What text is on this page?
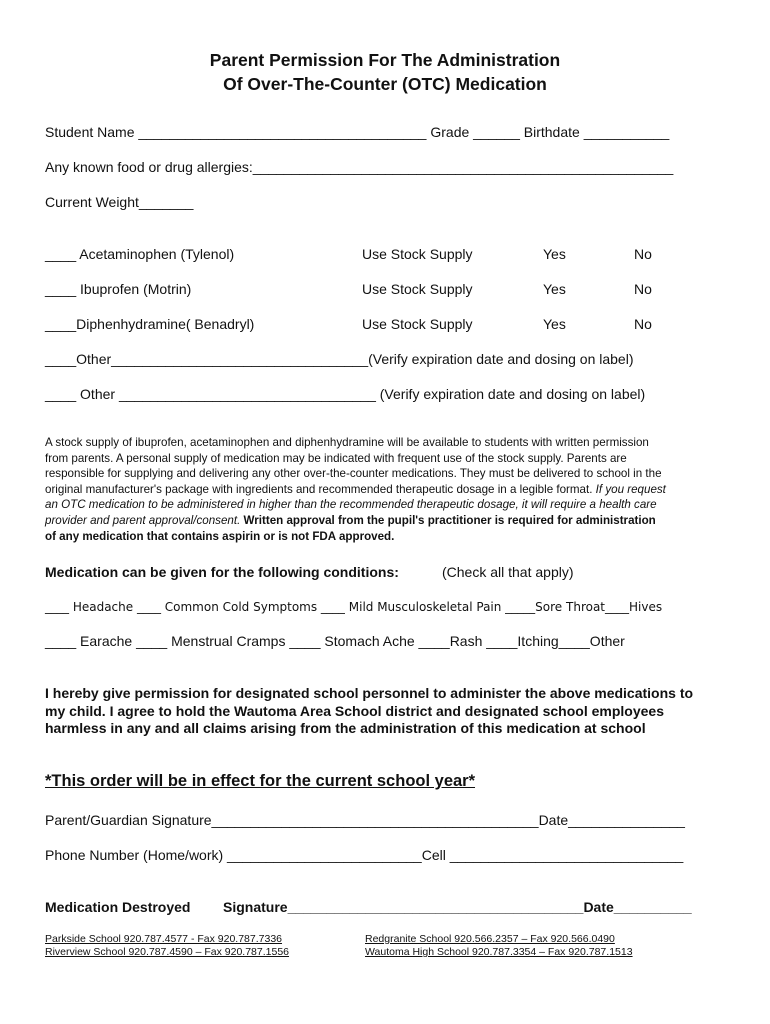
Parent Permission For The Administration
Of Over-The-Counter (OTC) Medication
Student Name _____________________________________ Grade ______ Birthdate ___________
Any known food or drug allergies:______________________________________________________
Current Weight_______
____ Acetaminophen (Tylenol)	Use Stock Supply	Yes	No
____ Ibuprofen (Motrin)	Use Stock Supply	Yes	No
____Diphenhydramine( Benadryl)	Use Stock Supply	Yes	No
____Other_________________________________(Verify expiration date and dosing on label)
____ Other _________________________________ (Verify expiration date and dosing on label)
A stock supply of ibuprofen, acetaminophen and diphenhydramine will be available to students with written permission
from parents. A personal supply of medication may be indicated with frequent use of the stock supply. Parents are
responsible for supplying and delivering any other over-the-counter medications. They must be delivered to school in the
original manufacturer's package with ingredients and recommended therapeutic dosage in a legible format. If you request
an OTC medication to be administered in higher than the recommended therapeutic dosage, it will require a health care
provider and parent approval/consent. Written approval from the pupil's practitioner is required for administration
of any medication that contains aspirin or is not FDA approved.
Medication can be given for the following conditions:	(Check all that apply)
____ Headache ____ Common Cold Symptoms ____ Mild Musculoskeletal Pain _____Sore Throat____Hives
____ Earache ____ Menstrual Cramps ____ Stomach Ache ____Rash ____Itching____Other
I hereby give permission for designated school personnel to administer the above medications to
my child. I agree to hold the Wautoma Area School district and designated school employees
harmless in any and all claims arising from the administration of this medication at school
*This order will be in effect for the current school year*
Parent/Guardian Signature__________________________________________Date_______________
Phone Number (Home/work) _________________________Cell ______________________________
Medication Destroyed Signature______________________________________Date__________
Parkside School 920.787.4577 - Fax 920.787.7336
Riverview School 920.787.4590 – Fax 920.787.1556
Redgranite School 920.566.2357 – Fax 920.566.0490
Wautoma High School 920.787.3354 – Fax 920.787.1513
